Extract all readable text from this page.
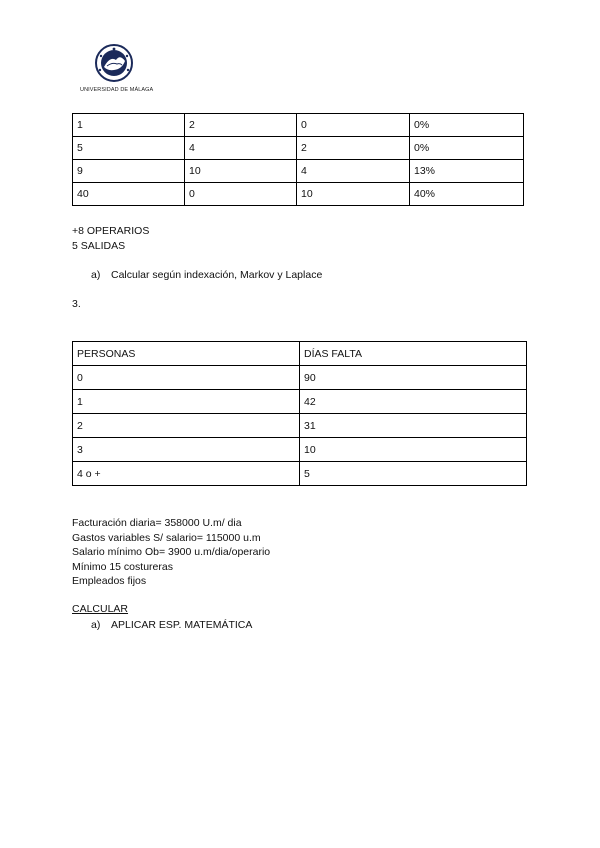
UNIVERSIDAD DE MÁLAGA
1	2	0	0%
5	4	2	0%
9	10	4	13%
40	0	10	40%
+8 OPERARIOS
5 SALIDAS
a) Calcular según indexación, Markov y Laplace
3.
PERSONAS	DÍAS FALTA
0	90
1	42
2	31
3	10
4 o +	5
Facturación diaria= 358000 U.m/ dia
Gastos variables S/ salario= 115000 u.m
Salario mínimo Ob= 3900 u.m/dia/operario
Mínimo 15 costureras
Empleados fijos
CALCULAR
a) APLICAR ESP. MATEMÁTICA
